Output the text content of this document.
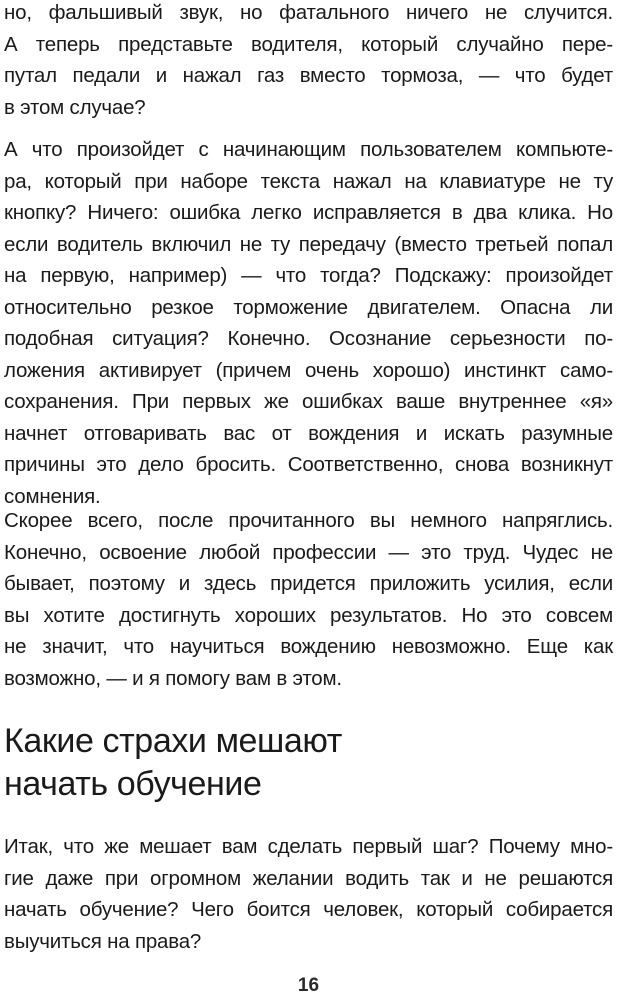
но, фальшивый звук, но фатального ничего не случится.
А теперь представьте водителя, который случайно пере-
путал педали и нажал газ вместо тормоза, — что будет
в этом случае?
А что произойдет с начинающим пользователем компьюте-
ра, который при наборе текста нажал на клавиатуре не ту
кнопку? Ничего: ошибка легко исправляется в два клика. Но
если водитель включил не ту передачу (вместо третьей попал
на первую, например) — что тогда? Подскажу: произойдет
относительно резкое торможение двигателем. Опасна ли
подобная ситуация? Конечно. Осознание серьезности по-
ложения активирует (причем очень хорошо) инстинкт само-
сохранения. При первых же ошибках ваше внутреннее «я»
начнет отговаривать вас от вождения и искать разумные
причины это дело бросить. Соответственно, снова возникнут
сомнения.
Скорее всего, после прочитанного вы немного напряглись.
Конечно, освоение любой профессии — это труд. Чудес не
бывает, поэтому и здесь придется приложить усилия, если
вы хотите достигнуть хороших результатов. Но это совсем
не значит, что научиться вождению невозможно. Еще как
возможно, — и я помогу вам в этом.
Какие страхи мешают
начать обучение
Итак, что же мешает вам сделать первый шаг? Почему мно-
гие даже при огромном желании водить так и не решаются
начать обучение? Чего боится человек, который собирается
выучиться на права?
16
